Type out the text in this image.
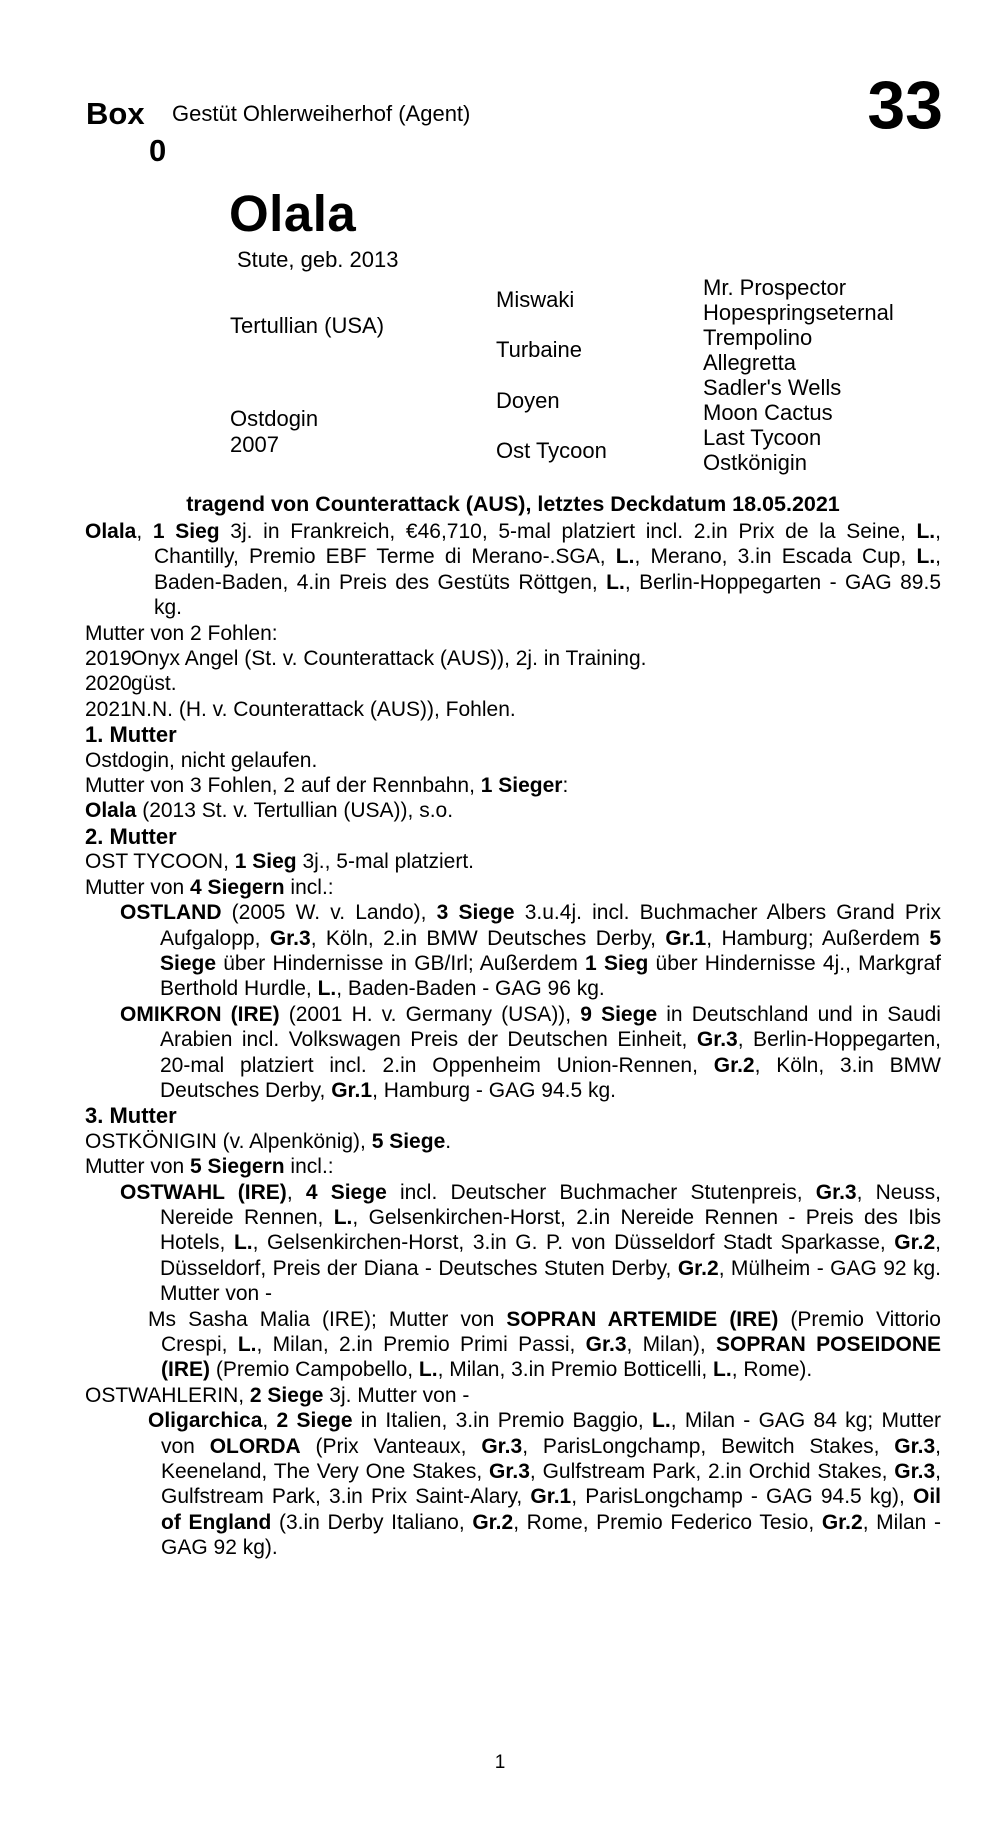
Box
0
Gestüt Ohlerweiherhof (Agent)	33
Olala
Stute, geb. 2013
Tertullian (USA)
Ostdogin
2007
Miswaki
Turbaine
Doyen
Ost Tycoon
Mr. Prospector
Hopespringseternal
Trempolino
Allegretta
Sadler's Wells
Moon Cactus
Last Tycoon
Ostkönigin
tragend von Counterattack (AUS), letztes Deckdatum 18.05.2021

Olala, 1 Sieg 3j. in Frankreich, €46,710, 5-mal platziert incl. 2.in Prix de la Seine, L., Chantilly, Premio EBF Terme di Merano-.SGA, L., Merano, 3.in Escada Cup, L., Baden-Baden, 4.in Preis des Gestüts Röttgen, L., Berlin-Hoppegarten - GAG 89.5 kg.

Mutter von 2 Fohlen:

2019Onyx Angel (St. v. Counterattack (AUS)), 2j. in Training.

2020güst.

2021N.N. (H. v. Counterattack (AUS)), Fohlen.

1. Mutter

Ostdogin, nicht gelaufen.

Mutter von 3 Fohlen, 2 auf der Rennbahn, 1 Sieger:

Olala (2013 St. v. Tertullian (USA)), s.o.

2. Mutter

OST TYCOON, 1 Sieg 3j., 5-mal platziert.

Mutter von 4 Siegern incl.:

OSTLAND (2005 W. v. Lando), 3 Siege 3.u.4j. incl. Buchmacher Albers Grand Prix Aufgalopp, Gr.3, Köln, 2.in BMW Deutsches Derby, Gr.1, Hamburg; Außerdem 5 Siege über Hindernisse in GB/Irl; Außerdem 1 Sieg über Hindernisse 4j., Markgraf Berthold Hurdle, L., Baden-Baden - GAG 96 kg.

OMIKRON (IRE) (2001 H. v. Germany (USA)), 9 Siege in Deutschland und in Saudi Arabien incl. Volkswagen Preis der Deutschen Einheit, Gr.3, Berlin-Hoppegarten, 20-mal platziert incl. 2.in Oppenheim Union-Rennen, Gr.2, Köln, 3.in BMW Deutsches Derby, Gr.1, Hamburg - GAG 94.5 kg.

3. Mutter

OSTKÖNIGIN (v. Alpenkönig), 5 Siege.

Mutter von 5 Siegern incl.:

OSTWAHL (IRE), 4 Siege incl. Deutscher Buchmacher Stutenpreis, Gr.3, Neuss, Nereide Rennen, L., Gelsenkirchen-Horst, 2.in Nereide Rennen - Preis des Ibis Hotels, L., Gelsenkirchen-Horst, 3.in G. P. von Düsseldorf Stadt Sparkasse, Gr.2, Düsseldorf, Preis der Diana - Deutsches Stuten Derby, Gr.2, Mülheim - GAG 92 kg. Mutter von -

Ms Sasha Malia (IRE); Mutter von SOPRAN ARTEMIDE (IRE) (Premio Vittorio Crespi, L., Milan, 2.in Premio Primi Passi, Gr.3, Milan), SOPRAN POSEIDONE (IRE) (Premio Campobello, L., Milan, 3.in Premio Botticelli, L., Rome).

OSTWAHLERIN, 2 Siege 3j. Mutter von -

Oligarchica, 2 Siege in Italien, 3.in Premio Baggio, L., Milan - GAG 84 kg; Mutter von OLORDA (Prix Vanteaux, Gr.3, ParisLongchamp, Bewitch Stakes, Gr.3, Keeneland, The Very One Stakes, Gr.3, Gulfstream Park, 2.in Orchid Stakes, Gr.3, Gulfstream Park, 3.in Prix Saint-Alary, Gr.1, ParisLongchamp - GAG 94.5 kg), Oil of England (3.in Derby Italiano, Gr.2, Rome, Premio Federico Tesio, Gr.2, Milan - GAG 92 kg).

1
